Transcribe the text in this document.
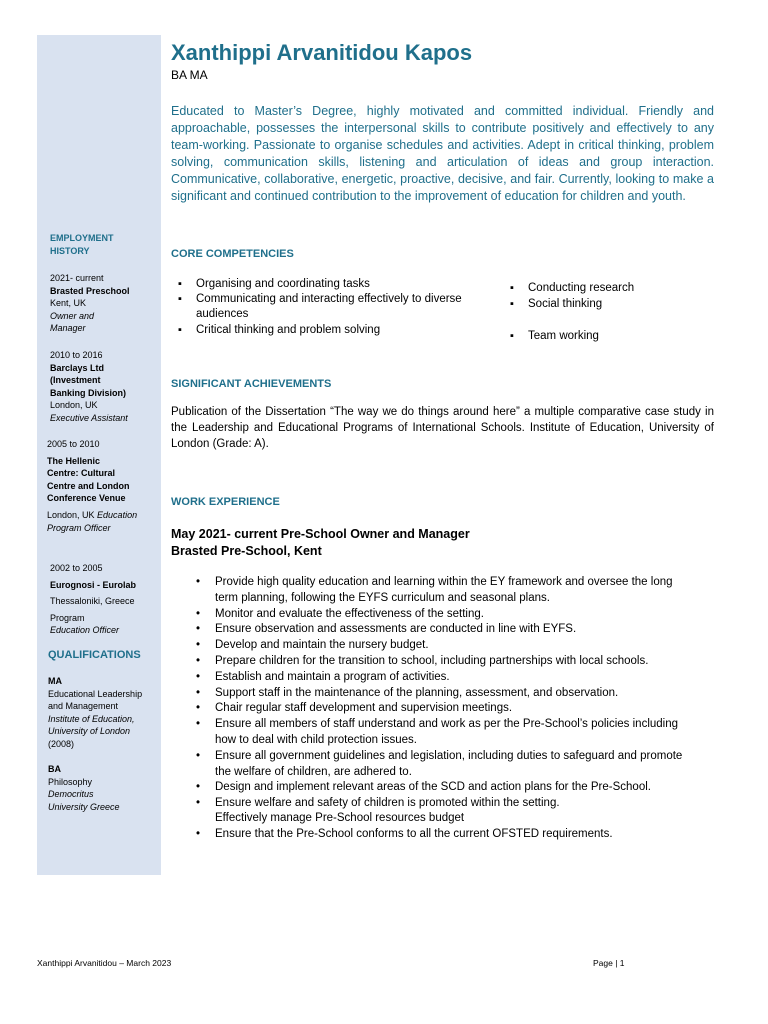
EMPLOYMENT
HISTORY
2021- current
Brasted Preschool
Kent, UK
Owner and
Manager
2010 to 2016
Barclays Ltd
(Investment
Banking Division)
London, UK
Executive Assistant
2005 to 2010
The Hellenic
Centre: Cultural
Centre and London
Conference Venue
London, UK Education
Program Officer
2002 to 2005
Eurognosi - Eurolab
Thessaloniki, Greece
Program
Education Officer
QUALIFICATIONS
MA
Educational Leadership
and Management
Institute of Education,
University of London
(2008)
BA
Philosophy
Democritus
University Greece
Xanthippi Arvanitidou Kapos
BA MA
Educated to Master’s Degree, highly motivated and committed individual. Friendly and approachable, possesses the interpersonal skills to contribute positively and effectively to any team-working. Passionate to organise schedules and activities. Adept in critical thinking, problem solving, communication skills, listening and articulation of ideas and group interaction. Communicative, collaborative, energetic, proactive, decisive, and fair. Currently, looking to make a significant and continued contribution to the improvement of education for children and youth.
CORE COMPETENCIES
▪ Organising and coordinating tasks
▪ Communicating and interacting effectively to diverse
audiences
▪ Critical thinking and problem solving
▪ Conducting research
▪ Social thinking
▪ Team working
SIGNIFICANT ACHIEVEMENTS
Publication of the Dissertation “The way we do things around here” a multiple comparative case study in the Leadership and Educational Programs of International Schools. Institute of Education, University of London (Grade: A).
WORK EXPERIENCE
May 2021- current Pre-School Owner and Manager
Brasted Pre-School, Kent
• Provide high quality education and learning within the EY framework and oversee the long term planning, following the EYFS curriculum and seasonal plans.
• Monitor and evaluate the effectiveness of the setting.
• Ensure observation and assessments are conducted in line with EYFS.
• Develop and maintain the nursery budget.
• Prepare children for the transition to school, including partnerships with local schools.
• Establish and maintain a program of activities.
• Support staff in the maintenance of the planning, assessment, and observation.
• Chair regular staff development and supervision meetings.
• Ensure all members of staff understand and work as per the Pre-School’s policies including how to deal with child protection issues.
• Ensure all government guidelines and legislation, including duties to safeguard and promote the welfare of children, are adhered to.
• Design and implement relevant areas of the SCD and action plans for the Pre-School.
• Ensure welfare and safety of children is promoted within the setting.
Effectively manage Pre-School resources budget
• Ensure that the Pre-School conforms to all the current OFSTED requirements.
Xanthippi Arvanitidou – March 2023	Page | 1
